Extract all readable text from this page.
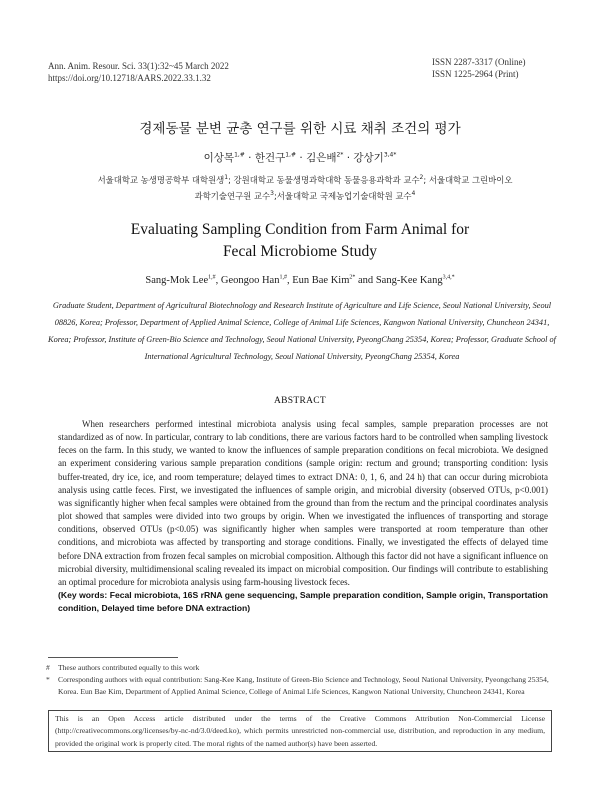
Ann. Anim. Resour. Sci. 33(1):32~45 March 2022
https://doi.org/10.12718/AARS.2022.33.1.32
ISSN 2287-3317 (Online)
ISSN 1225-2964 (Print)
경제동물 분변 균총 연구를 위한 시료 채취 조건의 평가
이상목$^{1,\#}$ · 한건구$^{1,\#}$ · 김은배$^{2*}$ · 강상기$^{3,4*}$
서울대학교 농생명공학부 대학원생$^1$; 강원대학교 동물생명과학대학 동물응용과학과 교수$^2$; 서울대학교 그린바이오
과학기술연구원 교수$^3$;서울대학교 국제농업기술대학원 교수$^4$
Evaluating Sampling Condition from Farm Animal for
Fecal Microbiome Study
Sang-Mok Lee$^{1,\#}$, Geongoo Han$^{1,\#}$, Eun Bae Kim$^{2*}$ and Sang-Kee Kang$^{3,4,*}$
Graduate Student, Department of Agricultural Biotechnology and Research Institute of Agriculture and Life Science, Seoul National University, Seoul 08826, Korea; Professor, Department of Applied Animal Science, College of Animal Life Sciences, Kangwon National University, Chuncheon 24341, Korea; Professor, Institute of Green-Bio Science and Technology, Seoul National University, PyeongChang 25354, Korea; Professor, Graduate School of International Agricultural Technology, Seoul National University, PyeongChang 25354, Korea
ABSTRACT

When researchers performed intestinal microbiota analysis using fecal samples, sample preparation processes are not standardized as of now. In particular, contrary to lab conditions, there are various factors hard to be controlled when sampling livestock feces on the farm. In this study, we wanted to know the influences of sample preparation conditions on fecal microbiota. We designed an experiment considering various sample preparation conditions (sample origin: rectum and ground; transporting condition: lysis buffer-treated, dry ice, ice, and room temperature; delayed times to extract DNA: 0, 1, 6, and 24 h) that can occur during microbiota analysis using cattle feces. First, we investigated the influences of sample origin, and microbial diversity (observed OTUs, p<0.001) was significantly higher when fecal samples were obtained from the ground than from the rectum and the principal coordinates analysis plot showed that samples were divided into two groups by origin. When we investigated the influences of transporting and storage conditions, observed OTUs (p<0.05) was significantly higher when samples were transported at room temperature than other conditions, and microbiota was affected by transporting and storage conditions. Finally, we investigated the effects of delayed time before DNA extraction from frozen fecal samples on microbial composition. Although this factor did not have a significant influence on microbial diversity, multidimensional scaling revealed its impact on microbial composition. Our findings will contribute to establishing an optimal procedure for microbiota analysis using farm-housing livestock feces.

(Key words: Fecal microbiota, 16S rRNA gene sequencing, Sample preparation condition, Sample origin, Transportation condition, Delayed time before DNA extraction)
#	These authors contributed equally to this work
*	Corresponding authors with equal contribution: Sang-Kee Kang, Institute of Green-Bio Science and Technology, Seoul National University, Pyeongchang 25354, Korea. Eun Bae Kim, Department of Applied Animal Science, College of Animal Life Sciences, Kangwon National University, Chuncheon 24341, Korea
This is an Open Access article distributed under the terms of the Creative Commons Attribution Non-Commercial License (http://creativecommons.org/licenses/by-nc-nd/3.0/deed.ko), which permits unrestricted non-commercial use, distribution, and reproduction in any medium, provided the original work is properly cited. The moral rights of the named author(s) have been asserted.
